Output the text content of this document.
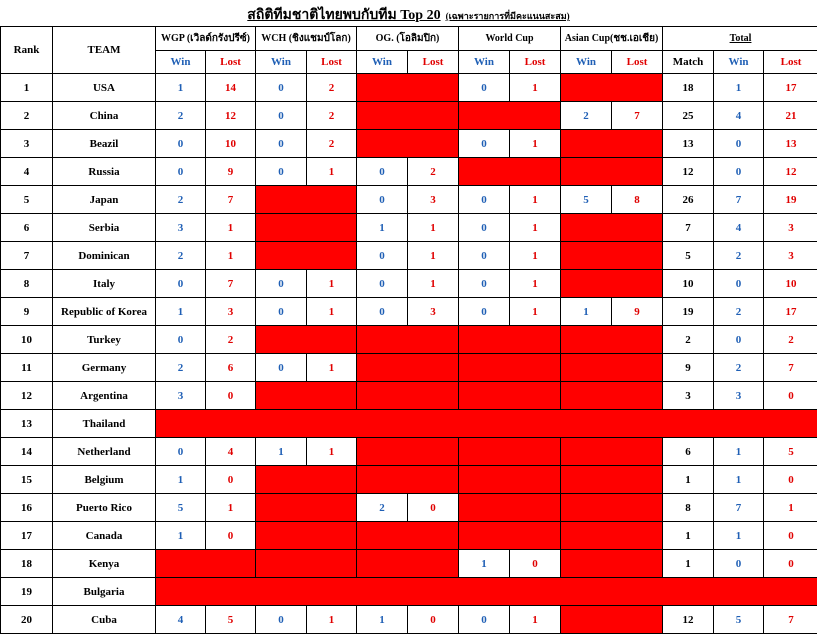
สถิติทีมชาติไทยพบกับทีม Top 20 (เฉพาะรายการที่มีคะแนนสะสม)
Rank	TEAM	WGP (เวิลด์กรังปรีซ์)		WCH (ชิงแชมป์โลก)		OG. (โอลิมปิก)		World Cup		Asian Cup(ชช.เอเชีย)		Total		
		Win	Lost	Win	Lost	Win	Lost	Win	Lost	Win	Lost	Match	Win	Lost
1	USA	1	14	0	2			0	1			18	1	17
2	China	2	12	0	2					2	7	25	4	21
3	Beazil	0	10	0	2			0	1			13	0	13
4	Russia	0	9	0	1	0	2					12	0	12
5	Japan	2	7			0	3	0	1	5	8	26	7	19
6	Serbia	3	1			1	1	0	1			7	4	3
7	Dominican	2	1			0	1	0	1			5	2	3
8	Italy	0	7	0	1	0	1	0	1			10	0	10
9	Republic of Korea	1	3	0	1	0	3	0	1	1	9	19	2	17
10	Turkey	0	2									2	0	2
11	Germany	2	6	0	1							9	2	7
12	Argentina	3	0									3	3	0
13	Thailand													
14	Netherland	0	4	1	1							6	1	5
15	Belgium	1	0									1	1	0
16	Puerto Rico	5	1			2	0					8	7	1
17	Canada	1	0									1	1	0
18	Kenya							1	0			1	0	0
19	Bulgaria													
20	Cuba	4	5	0	1	1	0	0	1			12	5	7
